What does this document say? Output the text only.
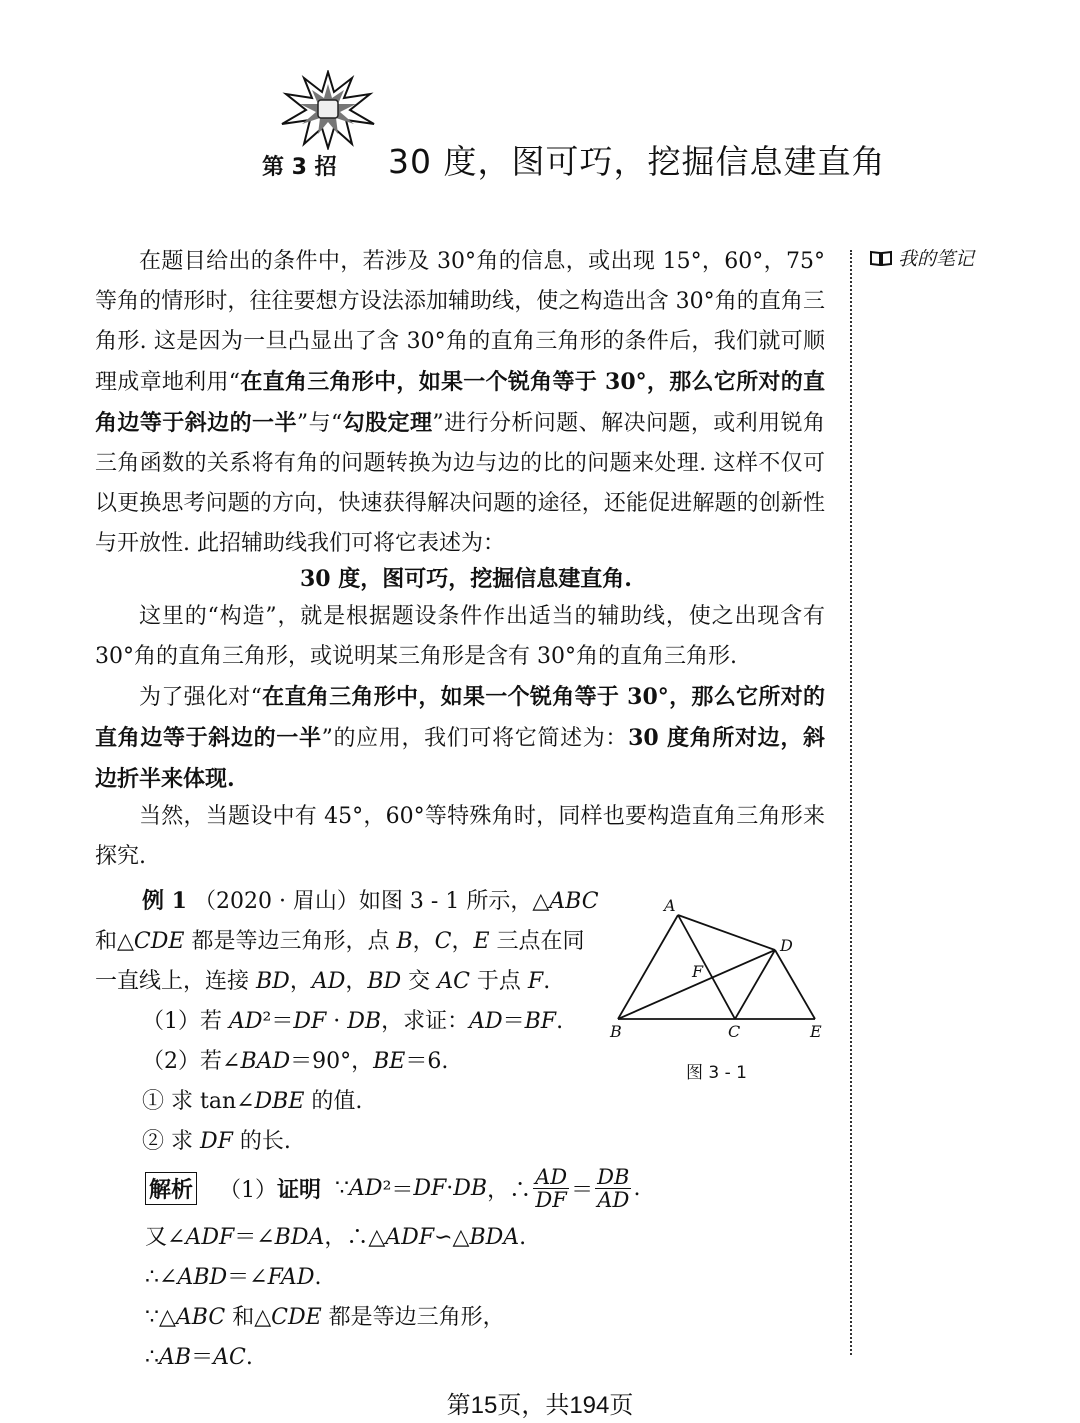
第 3 招 30 度，图可巧，挖掘信息建直角
我的笔记
在题目给出的条件中，若涉及 30°角的信息，或出现 15°，60°，75°等角的情形时，往往要想方设法添加辅助线，使之构造出含 30°角的直角三角形. 这是因为一旦凸显出了含 30°角的直角三角形的条件后，我们就可顺理成章地利用“在直角三角形中，如果一个锐角等于 30°，那么它所对的直角边等于斜边的一半”与“勾股定理”进行分析问题、解决问题，或利用锐角三角函数的关系将有角的问题转换为边与边的比的问题来处理. 这样不仅可以更换思考问题的方向，快速获得解决问题的途径，还能促进解题的创新性与开放性. 此招辅助线我们可将它表述为：
30 度，图可巧，挖掘信息建直角.
这里的“构造”，就是根据题设条件作出适当的辅助线，使之出现含有 30°角的直角三角形，或说明某三角形是含有 30°角的直角三角形.
为了强化对“在直角三角形中，如果一个锐角等于 30°，那么它所对的直角边等于斜边的一半”的应用，我们可将它简述为：30 度角所对边，斜边折半来体现.
当然，当题设中有 45°，60°等特殊角时，同样也要构造直角三角形来探究.
例 1 （2020 · 眉山）如图 3 - 1 所示，△ABC
和△CDE 都是等边三角形，点 B，C，E 三点在同
一直线上，连接 BD，AD，BD 交 AC 于点 F.
（1）若 AD²＝DF · DB，求证：AD＝BF.
（2）若∠BAD＝90°，BE＝6.
① 求 tan∠DBE 的值.
② 求 DF 的长.
A
B	C
D
E
F
图 3 - 1
解析 （1） 证明 ∵ AD ²＝ DF · DB ，∴ $\frac{AD}{DF} = \frac{DB}{AD}$ .
又∠ADF＝∠BDA，∴△ADF∽△BDA.
∴∠ABD＝∠FAD.
∵△ABC 和△CDE 都是等边三角形，
∴AB＝AC.
第15页，共194页
